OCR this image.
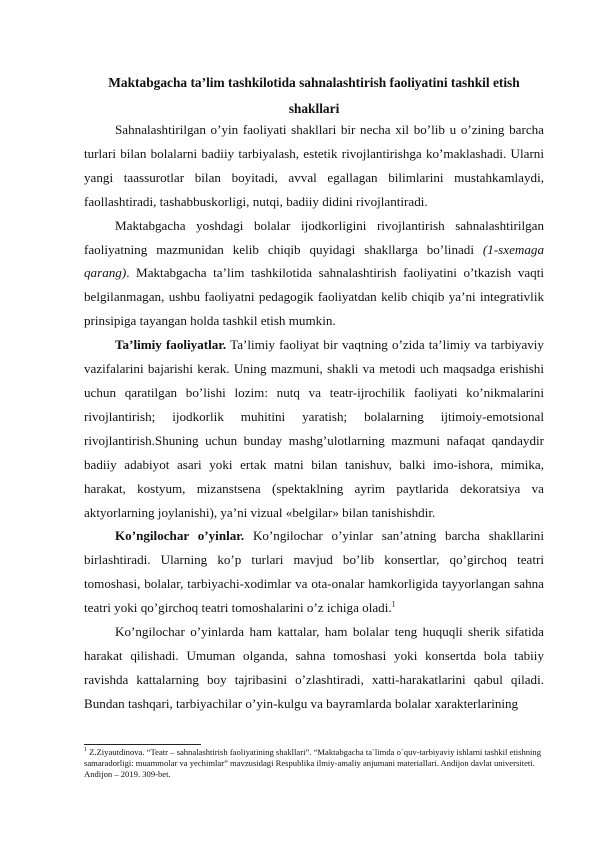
Maktabgacha ta’lim tashkilotida sahnalashtirish faoliyatini tashkil etish
shakllari

Sahnalashtirilgan o’yin faoliyati shakllari bir necha xil bo’lib u o’zining barcha turlari bilan bolalarni badiiy tarbiyalash, estetik rivojlantirishga ko’maklashadi. Ularni yangi taassurotlar bilan boyitadi, avval egallagan bilimlarini mustahkamlaydi, faollashtiradi, tashabbuskorligi, nutqi, badiiy didini rivojlantiradi.

Maktabgacha yoshdagi bolalar ijodkorligini rivojlantirish sahnalashtirilgan faoliyatning mazmunidan kelib chiqib quyidagi shakllarga bo’linadi (1-sxemaga qarang). Maktabgacha ta’lim tashkilotida sahnalashtirish faoliyatini o’tkazish vaqti belgilanmagan, ushbu faoliyatni pedagogik faoliyatdan kelib chiqib ya’ni integrativlik prinsipiga tayangan holda tashkil etish mumkin.

Ta’limiy faoliyatlar. Ta’limiy faoliyat bir vaqtning o’zida ta’limiy va tarbiyaviy vazifalarini bajarishi kerak. Uning mazmuni, shakli va metodi uch maqsadga erishishi uchun qaratilgan bo’lishi lozim: nutq va teatr-ijrochilik faoliyati ko’nikmalarini rivojlantirish; ijodkorlik muhitini yaratish; bolalarning ijtimoiy-emotsional rivojlantirish.Shuning uchun bunday mashg’ulotlarning mazmuni nafaqat qandaydir badiiy adabiyot asari yoki ertak matni bilan tanishuv, balki imo-ishora, mimika, harakat, kostyum, mizanstsena (spektaklning ayrim paytlarida dekoratsiya va aktyorlarning joylanishi), ya’ni vizual «belgilar» bilan tanishishdir.

Ko’ngilochar o’yinlar. Ko’ngilochar o’yinlar san’atning barcha shakllarini birlashtiradi. Ularning ko’p turlari mavjud bo’lib konsertlar, qo’girchoq teatri tomoshasi, bolalar, tarbiyachi-xodimlar va ota-onalar hamkorligida tayyorlangan sahna teatri yoki qo’girchoq teatri tomoshalarini o’z ichiga oladi.$^1$

Ko’ngilochar o’yinlarda ham kattalar, ham bolalar teng huquqli sherik sifatida harakat qilishadi. Umuman olganda, sahna tomoshasi yoki konsertda bola tabiiy ravishda kattalarning boy tajribasini o’zlashtiradi, xatti-harakatlarini qabul qiladi. Bundan tashqari, tarbiyachilar o’yin-kulgu va bayramlarda bolalar xarakterlarining

$^1$ Z.Ziyautdinova. “Teatr – sahnalashtirish faoliyatining shakllari”. “Maktabgacha ta`limda o`quv-tarbiyaviy ishlarni tashkil etishning samaradorligi: muammolar va yechimlar” mavzusidagi Respublika ilmiy-amaliy anjumani materiallari. Andijon davlat universiteti. Andijon – 2019. 309-bet.
